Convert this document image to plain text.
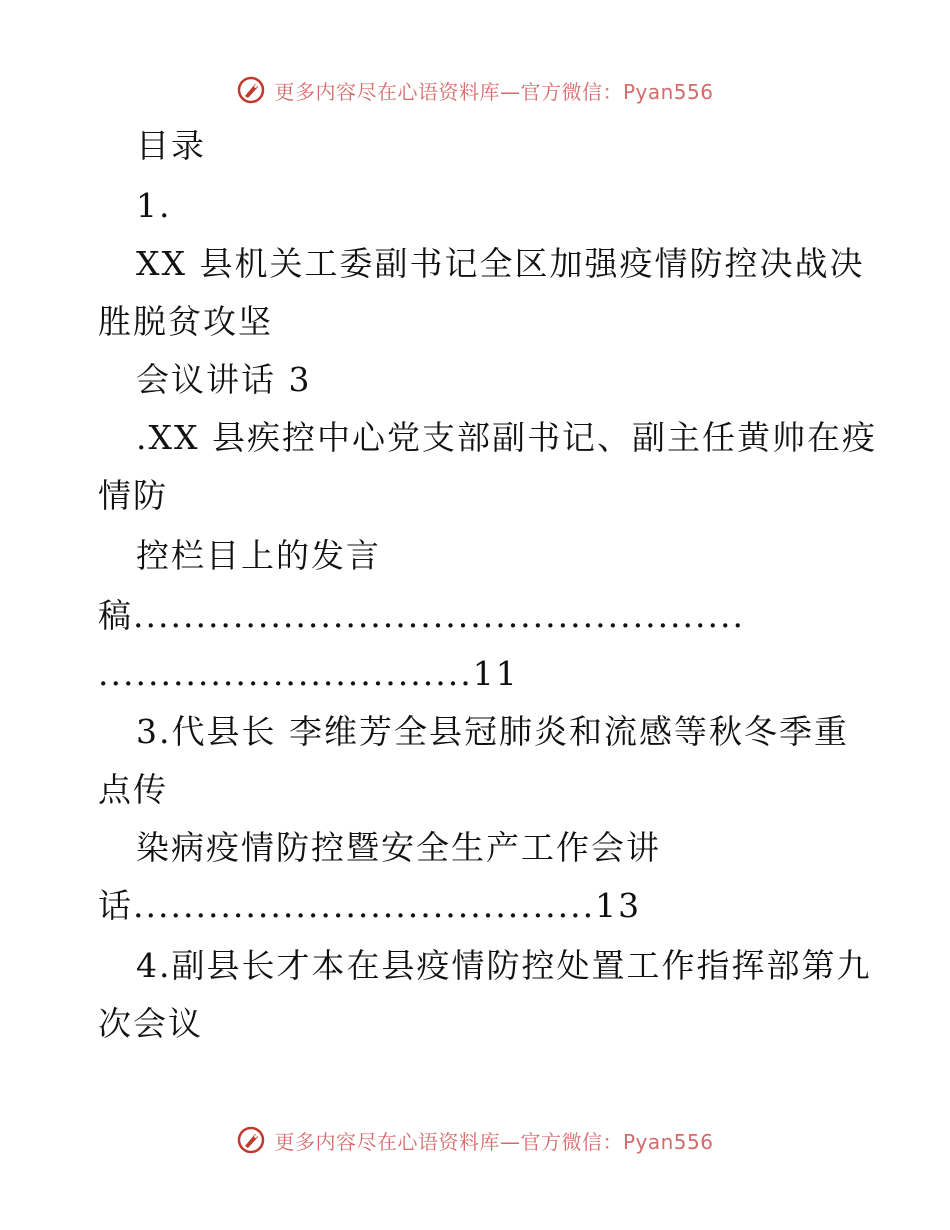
更多内容尽在心语资料库—官方微信：Pyan556
目录
1.
XX 县机关工委副书记全区加强疫情防控决战决
胜脱贫攻坚
会议讲话 3
.XX 县疾控中心党支部副书记、副主任黄帅在疫
情防
控栏目上的发言
稿.................................................
..............................11
3.代县长 李维芳全县冠肺炎和流感等秋冬季重
点传
染病疫情防控暨安全生产工作会讲
话.....................................13
4.副县长才本在县疫情防控处置工作指挥部第九
次会议
更多内容尽在心语资料库—官方微信：Pyan556
